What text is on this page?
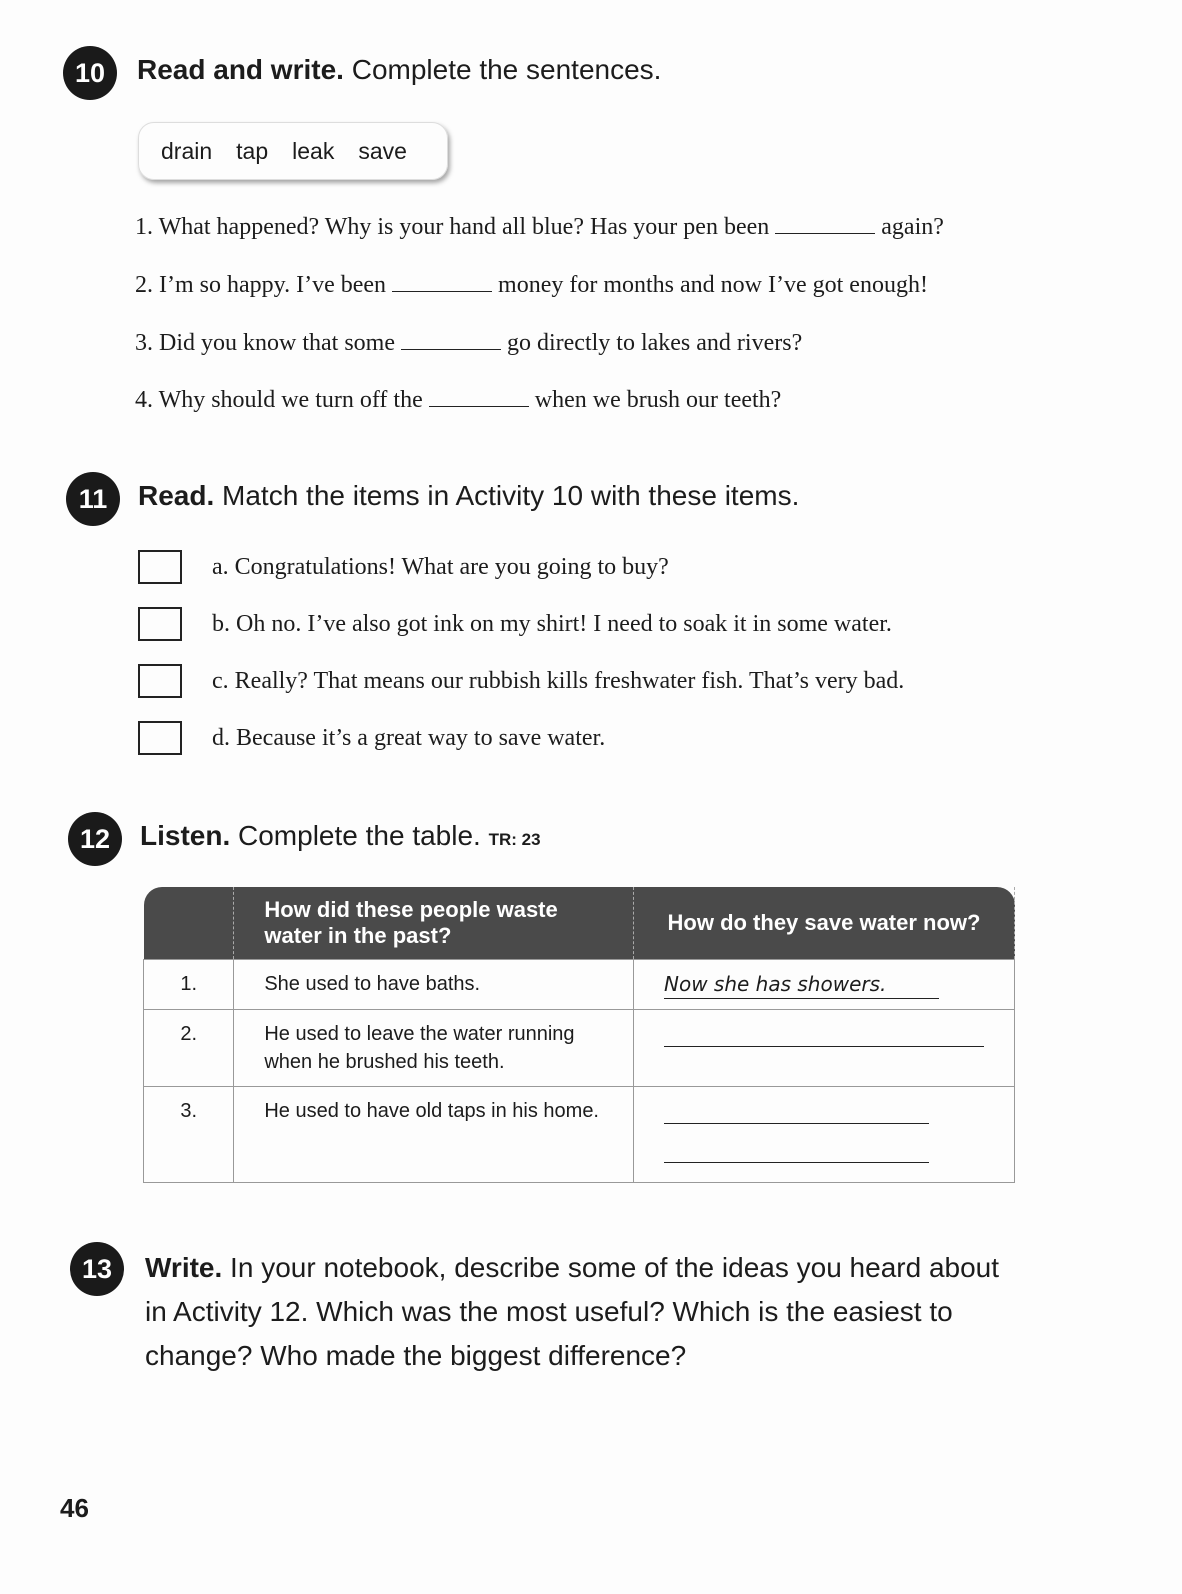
10	Read and write. Complete the sentences.
drain tap leak save
1. What happened? Why is your hand all blue? Has your pen been	again?
2. I’m so happy. I’ve been	money for months and now I’ve got enough!
3. Did you know that some	go directly to lakes and rivers?
4. Why should we turn off the	when we brush our teeth?
11	Read. Match the items in Activity 10 with these items.
a. Congratulations! What are you going to buy?
b. Oh no. I’ve also got ink on my shirt! I need to soak it in some water.
c. Really? That means our rubbish kills freshwater fish. That’s very bad.
d. Because it’s a great way to save water.
12	Listen. Complete the table. TR: 23
	How did these people waste water in the past?	How do they save water now?
1.	She used to have baths.	Now she has showers.
2.	He used to leave the water running when he brushed his teeth.	

3.	He used to have old taps in his home.	
13	Write. In your notebook, describe some of the ideas you heard about in Activity 12. Which was the most useful? Which is the easiest to change? Who made the biggest difference?
46
